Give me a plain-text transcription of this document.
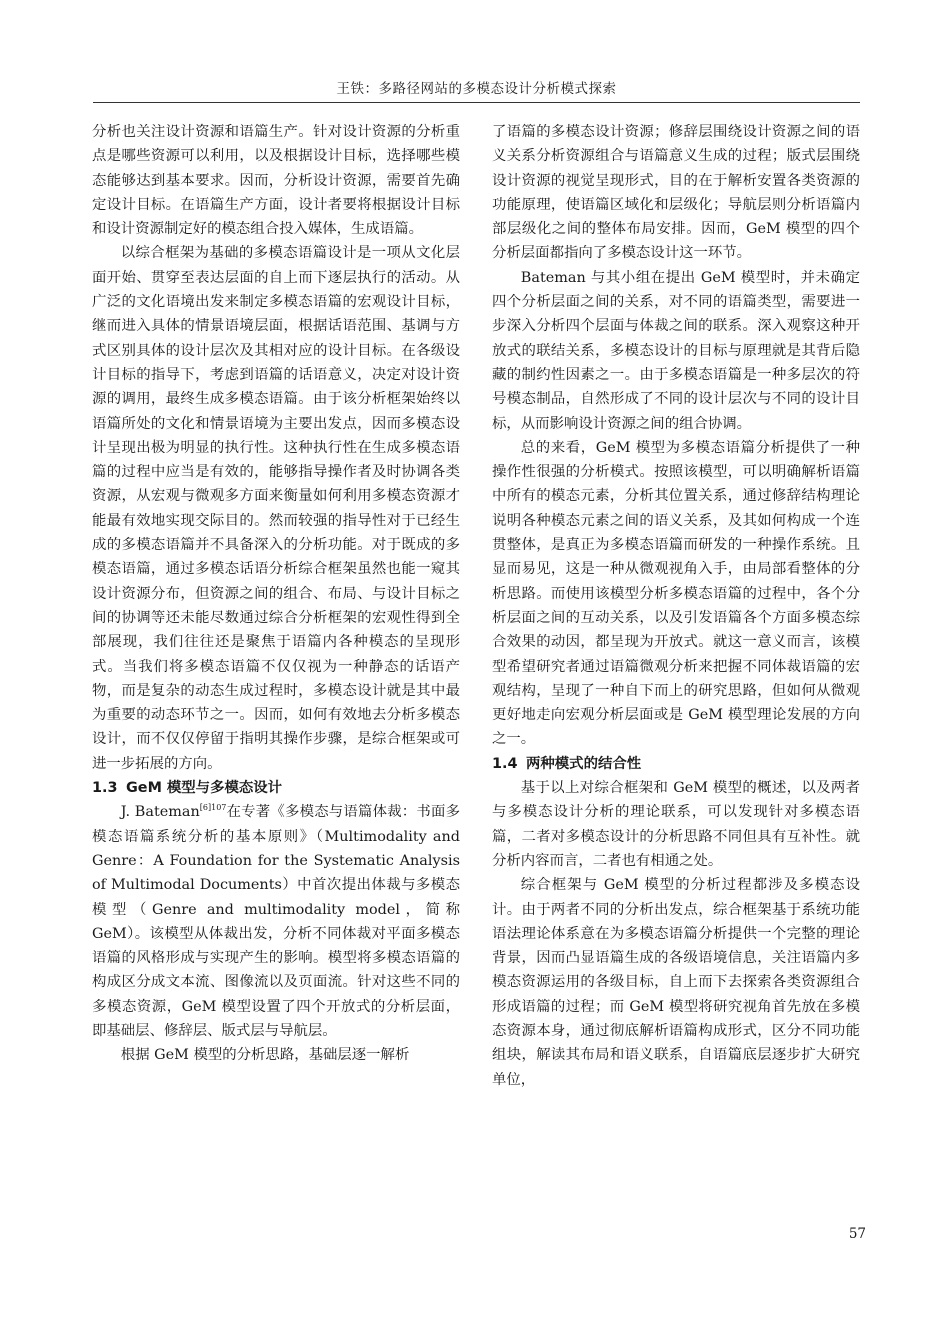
王铁：多路径网站的多模态设计分析模式探索

分析也关注设计资源和语篇生产。针对设计资源的分析重点是哪些资源可以利用，以及根据设计目标，选择哪些模态能够达到基本要求。因而，分析设计资源，需要首先确定设计目标。在语篇生产方面，设计者要将根据设计目标和设计资源制定好的模态组合投入媒体，生成语篇。

以综合框架为基础的多模态语篇设计是一项从文化层面开始、贯穿至表达层面的自上而下逐层执行的活动。从广泛的文化语境出发来制定多模态语篇的宏观设计目标，继而进入具体的情景语境层面，根据话语范围、基调与方式区别具体的设计层次及其相对应的设计目标。在各级设计目标的指导下，考虑到语篇的话语意义，决定对设计资源的调用，最终生成多模态语篇。由于该分析框架始终以语篇所处的文化和情景语境为主要出发点，因而多模态设计呈现出极为明显的执行性。这种执行性在生成多模态语篇的过程中应当是有效的，能够指导操作者及时协调各类资源，从宏观与微观多方面来衡量如何利用多模态资源才能最有效地实现交际目的。然而较强的指导性对于已经生成的多模态语篇并不具备深入的分析功能。对于既成的多模态语篇，通过多模态话语分析综合框架虽然也能一窥其设计资源分布，但资源之间的组合、布局、与设计目标之间的协调等还未能尽数通过综合分析框架的宏观性得到全部展现，我们往往还是聚焦于语篇内各种模态的呈现形式。当我们将多模态语篇不仅仅视为一种静态的话语产物，而是复杂的动态生成过程时，多模态设计就是其中最为重要的动态环节之一。因而，如何有效地去分析多模态设计，而不仅仅停留于指明其操作步骤，是综合框架或可进一步拓展的方向。

1.3 GeM 模型与多模态设计

J. Bateman$^{[6]107}$在专著《多模态与语篇体裁：书面多模态语篇系统分析的基本原则》（Multimodality and Genre：A Foundation for the Systematic Analysis of Multimodal Documents）中首次提出体裁与多模态模型（Genre and multimodality model，简称 GeM）。该模型从体裁出发，分析不同体裁对平面多模态语篇的风格形成与实现产生的影响。模型将多模态语篇的构成区分成文本流、图像流以及页面流。针对这些不同的多模态资源，GeM 模型设置了四个开放式的分析层面，即基础层、修辞层、版式层与导航层。

根据 GeM 模型的分析思路，基础层逐一解析

了语篇的多模态设计资源；修辞层围绕设计资源之间的语义关系分析资源组合与语篇意义生成的过程；版式层围绕设计资源的视觉呈现形式，目的在于解析安置各类资源的功能原理，使语篇区域化和层级化；导航层则分析语篇内部层级化之间的整体布局安排。因而，GeM 模型的四个分析层面都指向了多模态设计这一环节。

Bateman 与其小组在提出 GeM 模型时，并未确定四个分析层面之间的关系，对不同的语篇类型，需要进一步深入分析四个层面与体裁之间的联系。深入观察这种开放式的联结关系，多模态设计的目标与原理就是其背后隐藏的制约性因素之一。由于多模态语篇是一种多层次的符号模态制品，自然形成了不同的设计层次与不同的设计目标，从而影响设计资源之间的组合协调。

总的来看，GeM 模型为多模态语篇分析提供了一种操作性很强的分析模式。按照该模型，可以明确解析语篇中所有的模态元素，分析其位置关系，通过修辞结构理论说明各种模态元素之间的语义关系，及其如何构成一个连贯整体，是真正为多模态语篇而研发的一种操作系统。且显而易见，这是一种从微观视角入手，由局部看整体的分析思路。而使用该模型分析多模态语篇的过程中，各个分析层面之间的互动关系，以及引发语篇各个方面多模态综合效果的动因，都呈现为开放式。就这一意义而言，该模型希望研究者通过语篇微观分析来把握不同体裁语篇的宏观结构，呈现了一种自下而上的研究思路，但如何从微观更好地走向宏观分析层面或是 GeM 模型理论发展的方向之一。

1.4 两种模式的结合性

基于以上对综合框架和 GeM 模型的概述，以及两者与多模态设计分析的理论联系，可以发现针对多模态语篇，二者对多模态设计的分析思路不同但具有互补性。就分析内容而言，二者也有相通之处。

综合框架与 GeM 模型的分析过程都涉及多模态设计。由于两者不同的分析出发点，综合框架基于系统功能语法理论体系意在为多模态语篇分析提供一个完整的理论背景，因而凸显语篇生成的各级语境信息，关注语篇内多模态资源运用的各级目标，自上而下去探索各类资源组合形成语篇的过程；而 GeM 模型将研究视角首先放在多模态资源本身，通过彻底解析语篇构成形式，区分不同功能组块，解读其布局和语义联系，自语篇底层逐步扩大研究单位，

57
